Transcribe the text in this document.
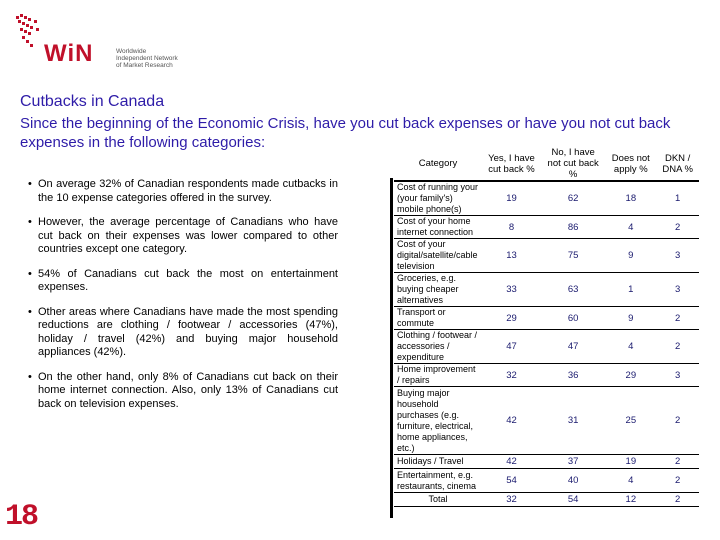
WiN	Worldwide
Independent Network
of Market Research
Cutbacks in Canada
Since the beginning of the Economic Crisis, have you cut back expenses or have you not cut back expenses in the following categories:
• On average 32% of Canadian respondents made cutbacks in the 10 expense categories offered in the survey.
• However, the average percentage of Canadians who have cut back on their expenses was lower compared to other countries except one category.
• 54% of Canadians cut back the most on entertainment expenses.
• Other areas where Canadians have made the most spending reductions are clothing / footwear / accessories (47%), holiday / travel (42%) and buying major household appliances (42%).
• On the other hand, only 8% of Canadians cut back on their home internet connection. Also, only 13% of Canadians cut back on television expenses.
18
Category	Yes, I have cut back %	No, I have not cut back %	Does not apply %	DKN / DNA %
Cost of running your (your family's) mobile phone(s)	19	62	18	1
Cost of your home internet connection	8	86	4	2
Cost of your digital/satellite/cable television	13	75	9	3
Groceries, e.g. buying cheaper alternatives	33	63	1	3
Transport or commute	29	60	9	2
Clothing / footwear / accessories / expenditure	47	47	4	2
Home improvement / repairs	32	36	29	3
Buying major household purchases (e.g. furniture, electrical, home appliances, etc.)	42	31	25	2
Holidays / Travel	42	37	19	2
Entertainment, e.g. restaurants, cinema	54	40	4	2
Total	32	54	12	2
